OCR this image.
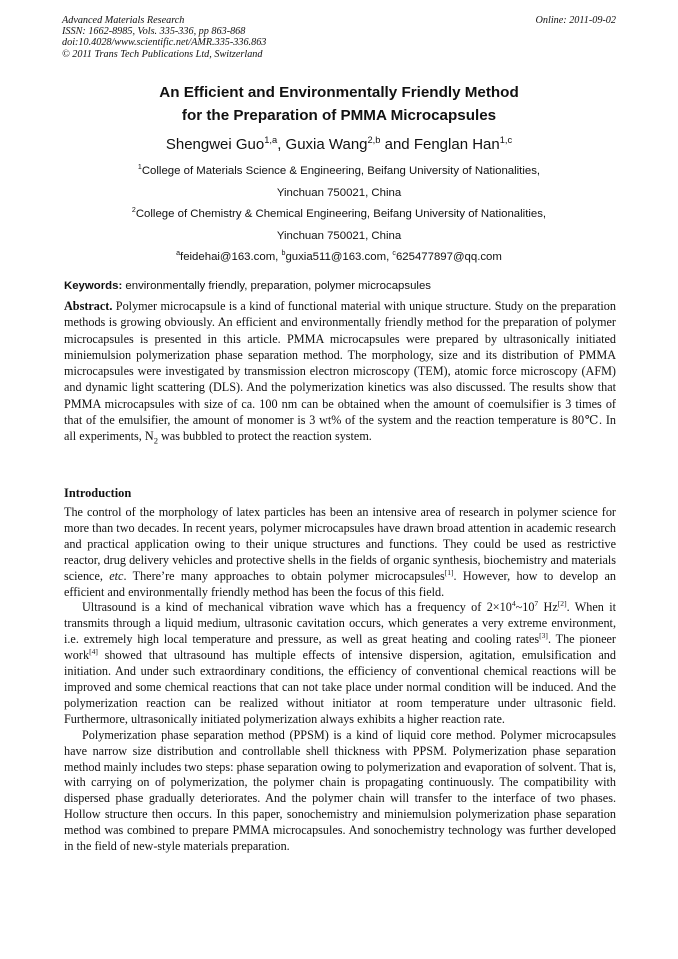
Advanced Materials Research
ISSN: 1662-8985, Vols. 335-336, pp 863-868
doi:10.4028/www.scientific.net/AMR.335-336.863
© 2011 Trans Tech Publications Ltd, Switzerland
Online: 2011-09-02
An Efficient and Environmentally Friendly Method
for the Preparation of PMMA Microcapsules
Shengwei Guo$^{1,a}$, Guxia Wang$^{2,b}$ and Fenglan Han$^{1,c}$
$^1$College of Materials Science & Engineering, Beifang University of Nationalities,
Yinchuan 750021, China
$^2$College of Chemistry & Chemical Engineering, Beifang University of Nationalities,
Yinchuan 750021, China
$^a$feidehai@163.com, $^b$guxia511@163.com, $^c$625477897@qq.com
Keywords: environmentally friendly, preparation, polymer microcapsules
Abstract. Polymer microcapsule is a kind of functional material with unique structure. Study on the preparation methods is growing obviously. An efficient and environmentally friendly method for the preparation of polymer microcapsules is presented in this article. PMMA microcapsules were prepared by ultrasonically initiated miniemulsion polymerization phase separation method. The morphology, size and its distribution of PMMA microcapsules were investigated by transmission electron microscopy (TEM), atomic force microscopy (AFM) and dynamic light scattering (DLS). And the polymerization kinetics was also discussed. The results show that PMMA microcapsules with size of ca. 100 nm can be obtained when the amount of coemulsifier is 3 times of that of the emulsifier, the amount of monomer is 3 wt% of the system and the reaction temperature is 80℃. In all experiments, $N_2$ was bubbled to protect the reaction system.
Introduction

The control of the morphology of latex particles has been an intensive area of research in polymer science for more than two decades. In recent years, polymer microcapsules have drawn broad attention in academic research and practical application owing to their unique structures and functions. They could be used as restrictive reactor, drug delivery vehicles and protective shells in the fields of organic synthesis, biochemistry and materials science, etc. There’re many approaches to obtain polymer microcapsules[1]. However, how to develop an efficient and environmentally friendly method has been the focus of this field.

Ultrasound is a kind of mechanical vibration wave which has a frequency of $2\times 10^4\sim 10^7$ Hz[2]. When it transmits through a liquid medium, ultrasonic cavitation occurs, which generates a very extreme environment, i.e. extremely high local temperature and pressure, as well as great heating and cooling rates[3]. The pioneer work[4] showed that ultrasound has multiple effects of intensive dispersion, agitation, emulsification and initiation. And under such extraordinary conditions, the efficiency of conventional chemical reactions will be improved and some chemical reactions that can not take place under normal condition will be induced. And the polymerization reaction can be realized without initiator at room temperature under ultrasonic field. Furthermore, ultrasonically initiated polymerization always exhibits a higher reaction rate.

Polymerization phase separation method (PPSM) is a kind of liquid core method. Polymer microcapsules have narrow size distribution and controllable shell thickness with PPSM. Polymerization phase separation method mainly includes two steps: phase separation owing to polymerization and evaporation of solvent. That is, with carrying on of polymerization, the polymer chain is propagating continuously. The compatibility with dispersed phase gradually deteriorates. And the polymer chain will transfer to the interface of two phases. Hollow structure then occurs. In this paper, sonochemistry and miniemulsion polymerization phase separation method was combined to prepare PMMA microcapsules. And sonochemistry technology was further developed in the field of new-style materials preparation.
